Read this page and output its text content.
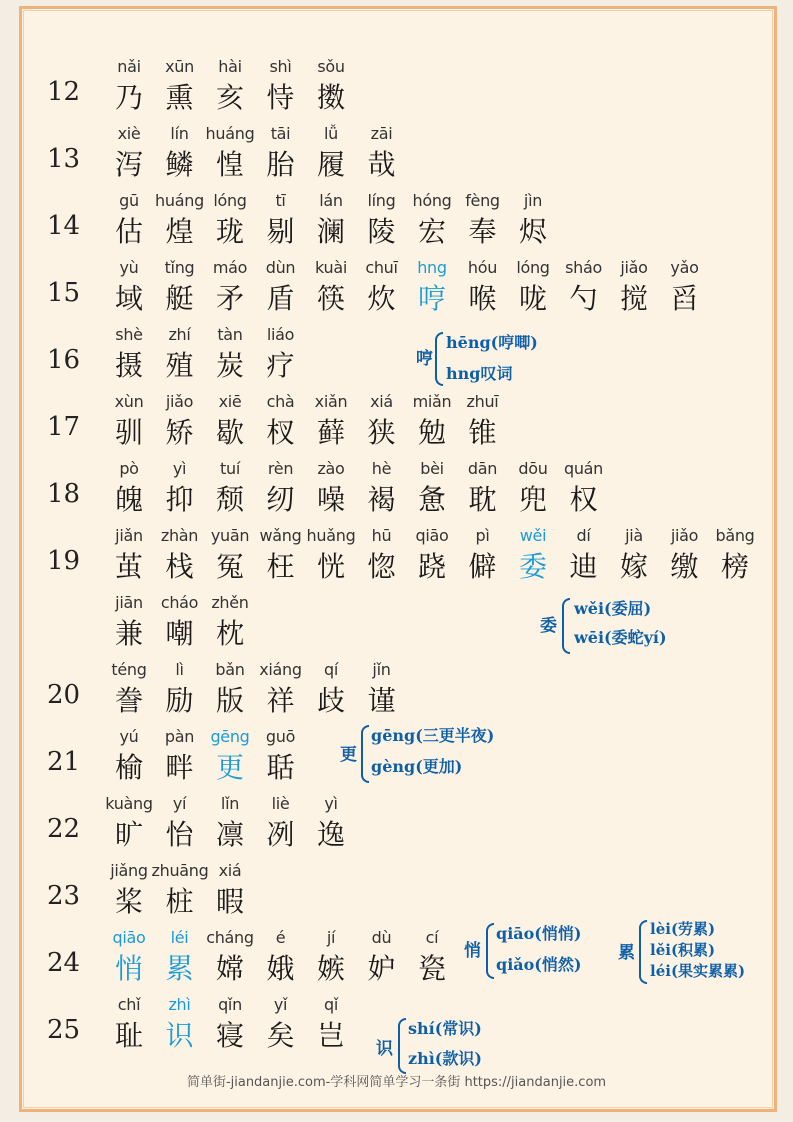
12
nǎi
乃
xūn
熏
hài
亥
shì
恃
sǒu
擞
13
xiè
泻
lín
鳞
huáng
惶
tāi
胎
lǚ
履
zāi
哉
14
gū
估
huáng
煌
lóng
珑
tī
剔
lán
澜
líng
陵
hóng
宏
fèng
奉
jìn
烬
15
yù
域
tǐng
艇
máo
矛
dùn
盾
kuài
筷
chuī
炊
hng
哼
hóu
喉
lóng
咙
sháo
勺
jiǎo
搅
yǎo
舀
16
shè
摄
zhí
殖
tàn
炭
liáo
疗
17
xùn
驯
jiǎo
矫
xiē
歇
chà
杈
xiǎn
藓
xiá
狭
miǎn
勉
zhuī
锥
18
pò
魄
yì
抑
tuí
颓
rèn
纫
zào
噪
hè
褐
bèi
惫
dān
耽
dōu
兜
quán
权
19
jiǎn
茧
zhàn
栈
yuān
冤
wǎng
枉
huǎng
恍
hū
惚
qiāo
跷
pì
僻
wěi
委
dí
迪
jià
嫁
jiǎo
缴
bǎng
榜
jiān
兼
cháo
嘲
zhěn
枕
20
téng
誊
lì
励
bǎn
版
xiáng
祥
qí
歧
jǐn
谨
21
yú
榆
pàn
畔
gēng
更
guō
聒
22
kuàng
旷
yí
怡
lǐn
凛
liè
冽
yì
逸
23
jiǎng
桨
zhuāng
桩
xiá
暇
24
qiāo
悄
léi
累
cháng
嫦
é
娥
jí
嫉
dù
妒
cí
瓷
25
chǐ
耻
zhì
识
qǐn
寝
yǐ
矣
qǐ
岂
哼
hēng(哼唧)
hng叹词
委
wěi(委屈)
wēi(委蛇yí)
更
gēng(三更半夜)
gèng(更加)
悄
qiāo(悄悄)
qiǎo(悄然)
累
lèi(劳累)
lěi(积累)
léi(果实累累)
识
shí(常识)
zhì(款识)
简单街-jiandanjie.com-学科网简单学习一条街 https://jiandanjie.com
